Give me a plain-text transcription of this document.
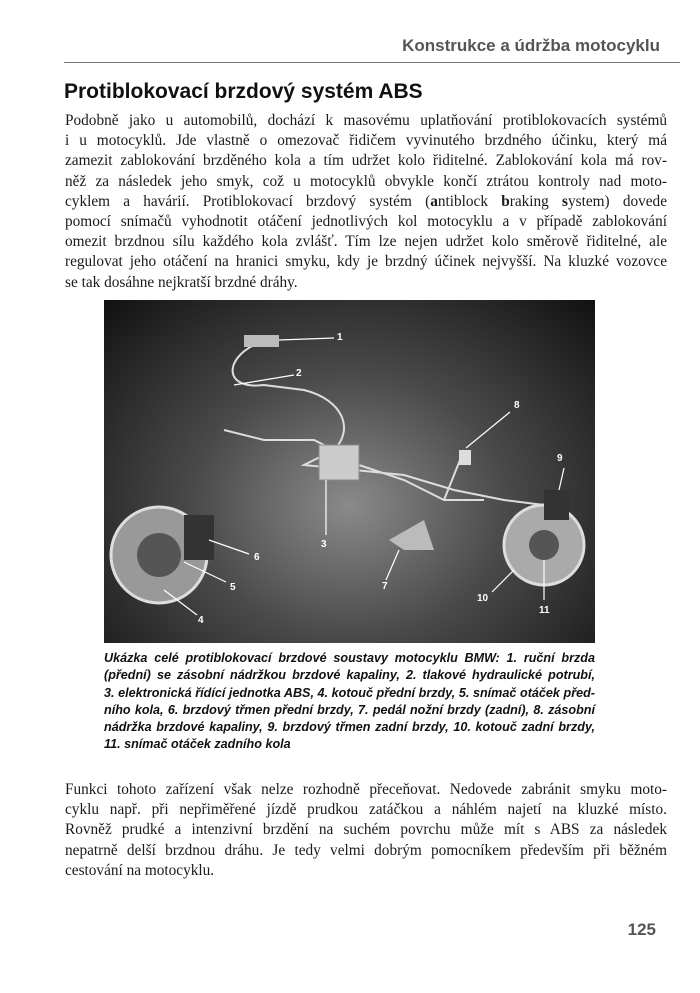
Konstrukce a údržba motocyklu
Protiblokovací brzdový systém ABS
Podobně jako u automobilů, dochází k masovému uplatňování protiblokovacích systémů
i u motocyklů. Jde vlastně o omezovač řidičem vyvinutého brzdného účinku, který má
zamezit zablokování brzděného kola a tím udržet kolo řiditelné. Zablokování kola má rov-
něž za následek jeho smyk, což u motocyklů obvykle končí ztrátou kontroly nad moto-
cyklem a havárií. Protiblokovací brzdový systém (antiblock braking system) dovede
pomocí snímačů vyhodnotit otáčení jednotlivých kol motocyklu a v případě zablokování
omezit brzdnou sílu každého kola zvlášť. Tím lze nejen udržet kolo směrově řiditelné, ale
regulovat jeho otáčení na hranici smyku, kdy je brzdný účinek nejvyšší. Na kluzké vozovce
se tak dosáhne nejkratší brzdné dráhy.
1
2
3
4
5
6
7
8
9
10
11
Ukázka celé protiblokovací brzdové soustavy motocyklu BMW: 1. ruční brzda
(přední) se zásobní nádržkou brzdové kapaliny, 2. tlakové hydraulické potrubí,
3. elektronická řídící jednotka ABS, 4. kotouč přední brzdy, 5. snímač otáček před-
ního kola, 6. brzdový třmen přední brzdy, 7. pedál nožní brzdy (zadní), 8. zásobní
nádržka brzdové kapaliny, 9. brzdový třmen zadní brzdy, 10. kotouč zadní brzdy,
11. snímač otáček zadního kola
Funkci tohoto zařízení však nelze rozhodně přeceňovat. Nedovede zabránit smyku moto-
cyklu např. při nepřiměřené jízdě prudkou zatáčkou a náhlém najetí na kluzké místo.
Rovněž prudké a intenzivní brzdění na suchém povrchu může mít s ABS za následek
nepatrně delší brzdnou dráhu. Je tedy velmi dobrým pomocníkem především při běžném
cestování na motocyklu.
125
